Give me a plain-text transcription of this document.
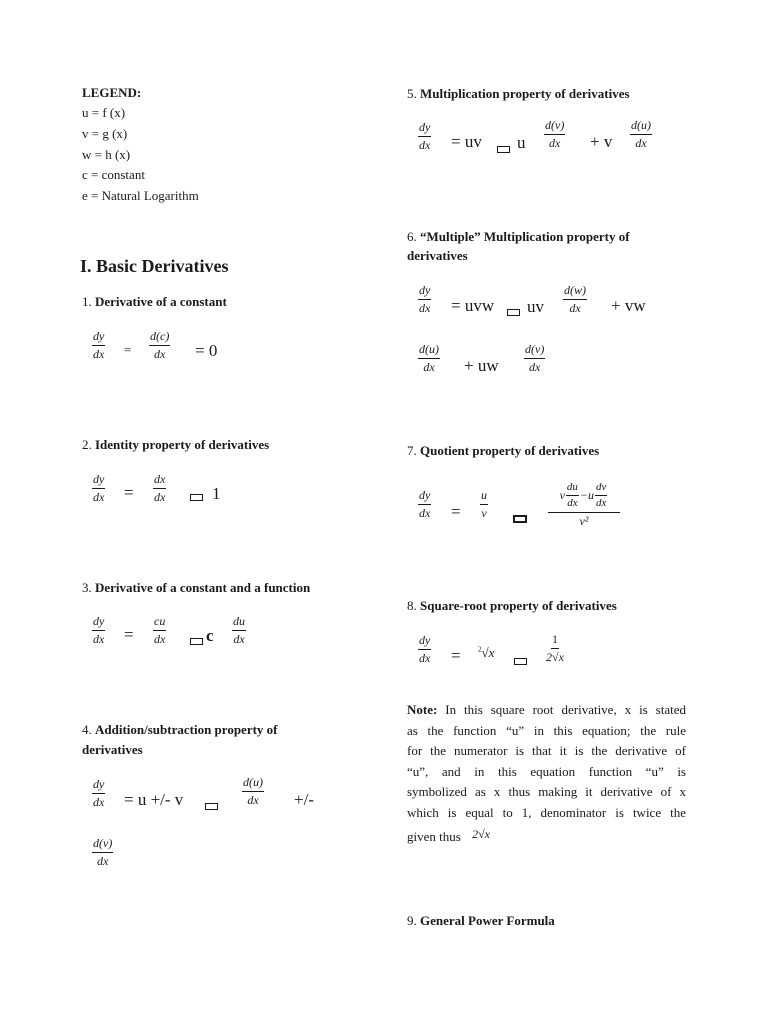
LEGEND:
u = f (x)
v = g (x)
w = h (x)
c = constant
e = Natural Logarithm
I. Basic Derivatives
1. Derivative of a constant
$\frac{dy}{dx} = \frac{d(c)}{dx} = 0$
2. Identity property of derivatives
$\frac{dy}{dx} = \frac{dx}{dx}$	1
3. Derivative of a constant and a function
$\frac{dy}{dx} = \frac{cu}{dx}$ c $\frac{du}{dx}$
4. Addition/subtraction property of
derivatives
$\frac{dy}{dx} = u$ +/- v	$\frac{d(u)}{dx}$ +/-
$\frac{d(v)}{dx}$
5. Multiplication property of derivatives
$\frac{dy}{dx}$ = uv u $\frac{d(v)}{dx} + v \frac{d(u)}{dx}$
6. “Multiple” Multiplication property of
derivatives
$\frac{dy}{dx}$ = uvw uv $\frac{d(w)}{dx}$ + vw
$\frac{d(u)}{dx}$ + uw $\frac{d(v)}{dx}$
7. Quotient property of derivatives
$\frac{dy}{dx} = \frac{u}{v}$	v $\frac{du}{dx} -u \frac{dv}{dx}$
v²
8. Square-root property of derivatives
$\frac{dy}{dx} = ^2√x$	$\frac{1}{2√x}$
Note: In this square root derivative, x is stated
as the function “u” in this equation; the rule
for the numerator is that it is the derivative of
“u”, and in this equation function “u” is
symbolized as x thus making it derivative of x
which is equal to 1, denominator is twice the
given thus 2√x
9. General Power Formula
